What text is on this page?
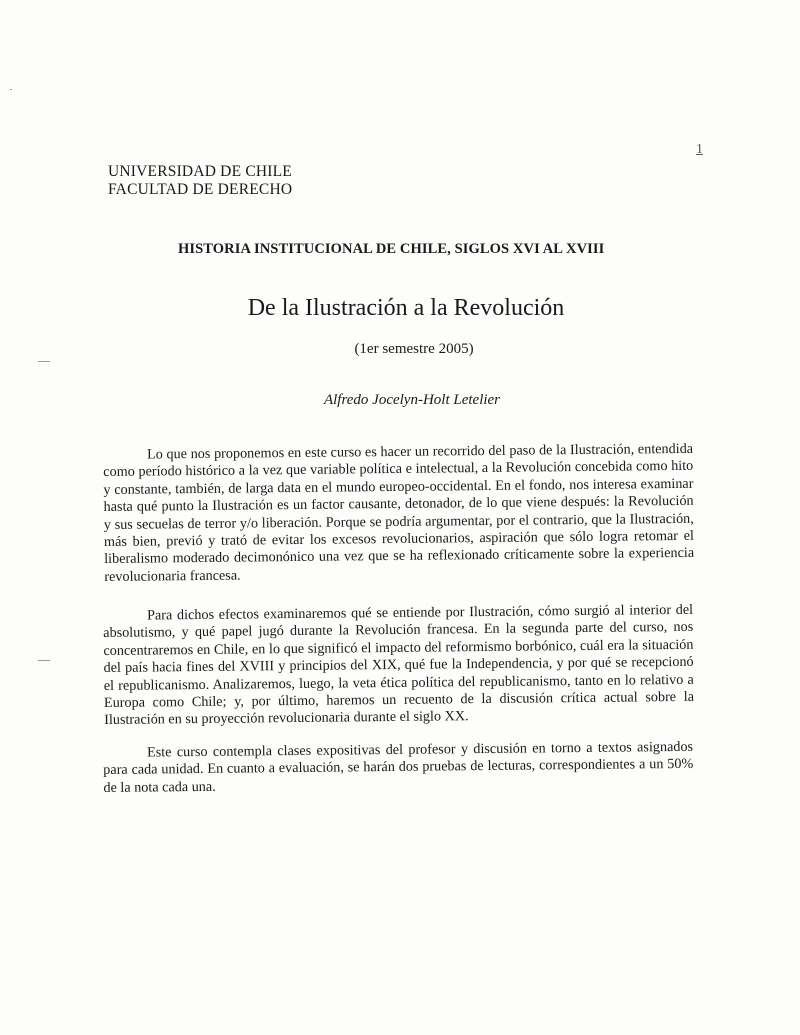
1
UNIVERSIDAD DE CHILE
FACULTAD DE DERECHO
HISTORIA INSTITUCIONAL DE CHILE, SIGLOS XVI AL XVIII
De la Ilustración a la Revolución
(1er semestre 2005)
Alfredo Jocelyn-Holt Letelier

Lo que nos proponemos en este curso es hacer un recorrido del paso de la Ilustración, entendida como período histórico a la vez que variable política e intelectual, a la Revolución concebida como hito y constante, también, de larga data en el mundo europeo-occidental. En el fondo, nos interesa examinar hasta qué punto la Ilustración es un factor causante, detonador, de lo que viene después: la Revolución y sus secuelas de terror y/o liberación. Porque se podría argumentar, por el contrario, que la Ilustración, más bien, previó y trató de evitar los excesos revolucionarios, aspiración que sólo logra retomar el liberalismo moderado decimonónico una vez que se ha reflexionado críticamente sobre la experiencia revolucionaria francesa.

Para dichos efectos examinaremos qué se entiende por Ilustración, cómo surgió al interior del absolutismo, y qué papel jugó durante la Revolución francesa. En la segunda parte del curso, nos concentraremos en Chile, en lo que significó el impacto del reformismo borbónico, cuál era la situación del país hacia fines del XVIII y principios del XIX, qué fue la Independencia, y por qué se recepcionó el republicanismo. Analizaremos, luego, la veta ética política del republicanismo, tanto en lo relativo a Europa como Chile; y, por último, haremos un recuento de la discusión crítica actual sobre la Ilustración en su proyección revolucionaria durante el siglo XX.

Este curso contempla clases expositivas del profesor y discusión en torno a textos asignados para cada unidad. En cuanto a evaluación, se harán dos pruebas de lecturas, correspondientes a un 50% de la nota cada una.
